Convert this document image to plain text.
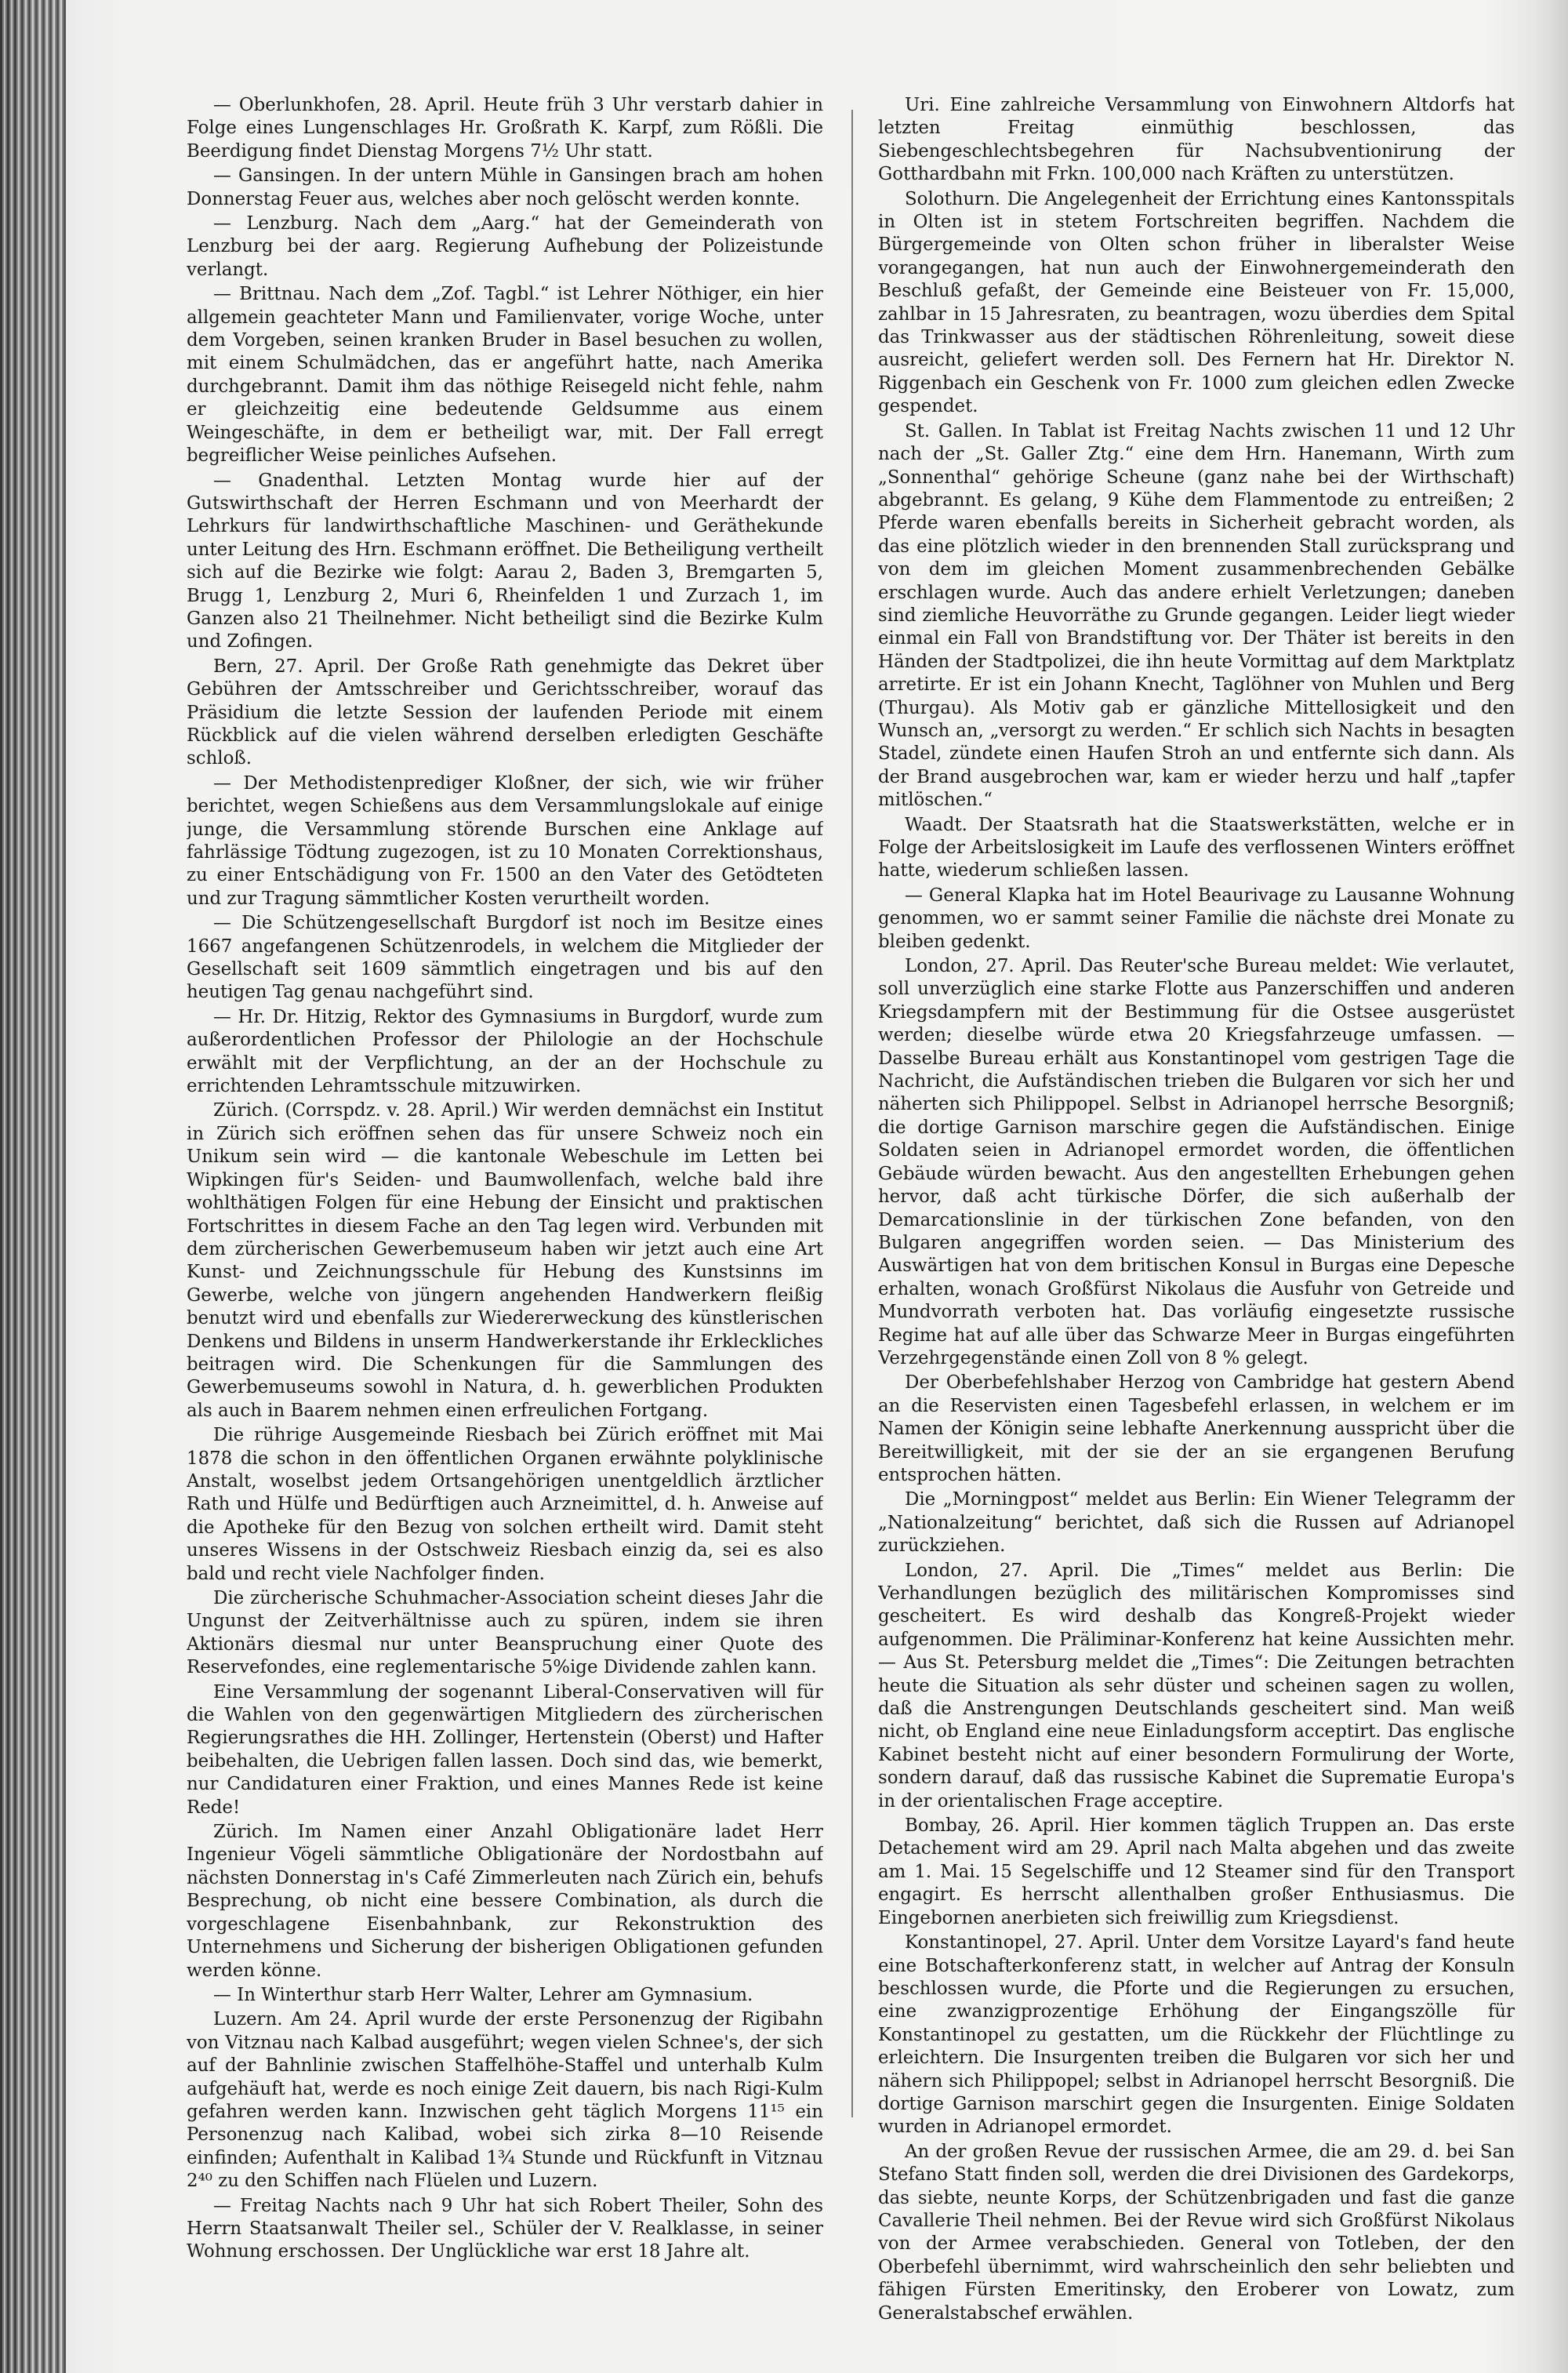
— Oberlunkhofen, 28. April. Heute früh 3 Uhr verstarb dahier in Folge eines Lungenschlages Hr. Großrath K. Karpf, zum Rößli. Die Beerdigung findet Dienstag Morgens 7½ Uhr statt.

— Gansingen. In der untern Mühle in Gansingen brach am hohen Donnerstag Feuer aus, welches aber noch gelöscht werden konnte.

— Lenzburg. Nach dem „Aarg.“ hat der Gemeinderath von Lenzburg bei der aarg. Regierung Aufhebung der Polizeistunde verlangt.

— Brittnau. Nach dem „Zof. Tagbl.“ ist Lehrer Nöthiger, ein hier allgemein geachteter Mann und Familienvater, vorige Woche, unter dem Vorgeben, seinen kranken Bruder in Basel besuchen zu wollen, mit einem Schulmädchen, das er angeführt hatte, nach Amerika durchgebrannt. Damit ihm das nöthige Reisegeld nicht fehle, nahm er gleichzeitig eine bedeutende Geldsumme aus einem Weingeschäfte, in dem er betheiligt war, mit. Der Fall erregt begreiflicher Weise peinliches Aufsehen.

— Gnadenthal. Letzten Montag wurde hier auf der Gutswirthschaft der Herren Eschmann und von Meerhardt der Lehrkurs für landwirthschaftliche Maschinen- und Geräthekunde unter Leitung des Hrn. Eschmann eröffnet. Die Betheiligung vertheilt sich auf die Bezirke wie folgt: Aarau 2, Baden 3, Bremgarten 5, Brugg 1, Lenzburg 2, Muri 6, Rheinfelden 1 und Zurzach 1, im Ganzen also 21 Theilnehmer. Nicht betheiligt sind die Bezirke Kulm und Zofingen.

Bern, 27. April. Der Große Rath genehmigte das Dekret über Gebühren der Amtsschreiber und Gerichtsschreiber, worauf das Präsidium die letzte Session der laufenden Periode mit einem Rückblick auf die vielen während derselben erledigten Geschäfte schloß.

— Der Methodistenprediger Kloßner, der sich, wie wir früher berichtet, wegen Schießens aus dem Versammlungslokale auf einige junge, die Versammlung störende Burschen eine Anklage auf fahrlässige Tödtung zugezogen, ist zu 10 Monaten Correktionshaus, zu einer Entschädigung von Fr. 1500 an den Vater des Getödteten und zur Tragung sämmtlicher Kosten verurtheilt worden.

— Die Schützengesellschaft Burgdorf ist noch im Besitze eines 1667 angefangenen Schützenrodels, in welchem die Mitglieder der Gesellschaft seit 1609 sämmtlich eingetragen und bis auf den heutigen Tag genau nachgeführt sind.

— Hr. Dr. Hitzig, Rektor des Gymnasiums in Burgdorf, wurde zum außerordentlichen Professor der Philologie an der Hochschule erwählt mit der Verpflichtung, an der an der Hochschule zu errichtenden Lehramtsschule mitzuwirken.

Zürich. (Corrspdz. v. 28. April.) Wir werden demnächst ein Institut in Zürich sich eröffnen sehen das für unsere Schweiz noch ein Unikum sein wird — die kantonale Webeschule im Letten bei Wipkingen für's Seiden- und Baumwollenfach, welche bald ihre wohlthätigen Folgen für eine Hebung der Einsicht und praktischen Fortschrittes in diesem Fache an den Tag legen wird. Verbunden mit dem zürcherischen Gewerbemuseum haben wir jetzt auch eine Art Kunst- und Zeichnungsschule für Hebung des Kunstsinns im Gewerbe, welche von jüngern angehenden Handwerkern fleißig benutzt wird und ebenfalls zur Wiedererweckung des künstlerischen Denkens und Bildens in unserm Handwerkerstande ihr Erkleckliches beitragen wird. Die Schenkungen für die Sammlungen des Gewerbemuseums sowohl in Natura, d. h. gewerblichen Produkten als auch in Baarem nehmen einen erfreulichen Fortgang.

Die rührige Ausgemeinde Riesbach bei Zürich eröffnet mit Mai 1878 die schon in den öffentlichen Organen erwähnte polyklinische Anstalt, woselbst jedem Ortsangehörigen unentgeldlich ärztlicher Rath und Hülfe und Bedürftigen auch Arzneimittel, d. h. Anweise auf die Apotheke für den Bezug von solchen ertheilt wird. Damit steht unseres Wissens in der Ostschweiz Riesbach einzig da, sei es also bald und recht viele Nachfolger finden.

Die zürcherische Schuhmacher-Association scheint dieses Jahr die Ungunst der Zeitverhältnisse auch zu spüren, indem sie ihren Aktionärs diesmal nur unter Beanspruchung einer Quote des Reservefondes, eine reglementarische 5%ige Dividende zahlen kann.

Eine Versammlung der sogenannt Liberal-Conservativen will für die Wahlen von den gegenwärtigen Mitgliedern des zürcherischen Regierungsrathes die HH. Zollinger, Hertenstein (Oberst) und Hafter beibehalten, die Uebrigen fallen lassen. Doch sind das, wie bemerkt, nur Candidaturen einer Fraktion, und eines Mannes Rede ist keine Rede!

Zürich. Im Namen einer Anzahl Obligationäre ladet Herr Ingenieur Vögeli sämmtliche Obligationäre der Nordostbahn auf nächsten Donnerstag in's Café Zimmerleuten nach Zürich ein, behufs Besprechung, ob nicht eine bessere Combination, als durch die vorgeschlagene Eisenbahnbank, zur Rekonstruktion des Unternehmens und Sicherung der bisherigen Obligationen gefunden werden könne.

— In Winterthur starb Herr Walter, Lehrer am Gymnasium.

Luzern. Am 24. April wurde der erste Personenzug der Rigibahn von Vitznau nach Kalbad ausgeführt; wegen vielen Schnee's, der sich auf der Bahnlinie zwischen Staffelhöhe-Staffel und unterhalb Kulm aufgehäuft hat, werde es noch einige Zeit dauern, bis nach Rigi-Kulm gefahren werden kann. Inzwischen geht täglich Morgens 11¹⁵ ein Personenzug nach Kalibad, wobei sich zirka 8—10 Reisende einfinden; Aufenthalt in Kalibad 1¾ Stunde und Rückfunft in Vitznau 2⁴⁰ zu den Schiffen nach Flüelen und Luzern.

— Freitag Nachts nach 9 Uhr hat sich Robert Theiler, Sohn des Herrn Staatsanwalt Theiler sel., Schüler der V. Realklasse, in seiner Wohnung erschossen. Der Unglückliche war erst 18 Jahre alt.

Uri. Eine zahlreiche Versammlung von Einwohnern Altdorfs hat letzten Freitag einmüthig beschlossen, das Siebengeschlechtsbegehren für Nachsubventionirung der Gotthardbahn mit Frkn. 100,000 nach Kräften zu unterstützen.

Solothurn. Die Angelegenheit der Errichtung eines Kantonsspitals in Olten ist in stetem Fortschreiten begriffen. Nachdem die Bürgergemeinde von Olten schon früher in liberalster Weise vorangegangen, hat nun auch der Einwohnergemeinderath den Beschluß gefaßt, der Gemeinde eine Beisteuer von Fr. 15,000, zahlbar in 15 Jahresraten, zu beantragen, wozu überdies dem Spital das Trinkwasser aus der städtischen Röhrenleitung, soweit diese ausreicht, geliefert werden soll. Des Fernern hat Hr. Direktor N. Riggenbach ein Geschenk von Fr. 1000 zum gleichen edlen Zwecke gespendet.

St. Gallen. In Tablat ist Freitag Nachts zwischen 11 und 12 Uhr nach der „St. Galler Ztg.“ eine dem Hrn. Hanemann, Wirth zum „Sonnenthal“ gehörige Scheune (ganz nahe bei der Wirthschaft) abgebrannt. Es gelang, 9 Kühe dem Flammentode zu entreißen; 2 Pferde waren ebenfalls bereits in Sicherheit gebracht worden, als das eine plötzlich wieder in den brennenden Stall zurücksprang und von dem im gleichen Moment zusammenbrechenden Gebälke erschlagen wurde. Auch das andere erhielt Verletzungen; daneben sind ziemliche Heuvorräthe zu Grunde gegangen. Leider liegt wieder einmal ein Fall von Brandstiftung vor. Der Thäter ist bereits in den Händen der Stadtpolizei, die ihn heute Vormittag auf dem Marktplatz arretirte. Er ist ein Johann Knecht, Taglöhner von Muhlen und Berg (Thurgau). Als Motiv gab er gänzliche Mittellosigkeit und den Wunsch an, „versorgt zu werden.“ Er schlich sich Nachts in besagten Stadel, zündete einen Haufen Stroh an und entfernte sich dann. Als der Brand ausgebrochen war, kam er wieder herzu und half „tapfer mitlöschen.“

Waadt. Der Staatsrath hat die Staatswerkstätten, welche er in Folge der Arbeitslosigkeit im Laufe des verflossenen Winters eröffnet hatte, wiederum schließen lassen.

— General Klapka hat im Hotel Beaurivage zu Lausanne Wohnung genommen, wo er sammt seiner Familie die nächste drei Monate zu bleiben gedenkt.

London, 27. April. Das Reuter'sche Bureau meldet: Wie verlautet, soll unverzüglich eine starke Flotte aus Panzerschiffen und anderen Kriegsdampfern mit der Bestimmung für die Ostsee ausgerüstet werden; dieselbe würde etwa 20 Kriegsfahrzeuge umfassen. — Dasselbe Bureau erhält aus Konstantinopel vom gestrigen Tage die Nachricht, die Aufständischen trieben die Bulgaren vor sich her und näherten sich Philippopel. Selbst in Adrianopel herrsche Besorgniß; die dortige Garnison marschire gegen die Aufständischen. Einige Soldaten seien in Adrianopel ermordet worden, die öffentlichen Gebäude würden bewacht. Aus den angestellten Erhebungen gehen hervor, daß acht türkische Dörfer, die sich außerhalb der Demarcationslinie in der türkischen Zone befanden, von den Bulgaren angegriffen worden seien. — Das Ministerium des Auswärtigen hat von dem britischen Konsul in Burgas eine Depesche erhalten, wonach Großfürst Nikolaus die Ausfuhr von Getreide und Mundvorrath verboten hat. Das vorläufig eingesetzte russische Regime hat auf alle über das Schwarze Meer in Burgas eingeführten Verzehrgegenstände einen Zoll von 8 % gelegt.

Der Oberbefehlshaber Herzog von Cambridge hat gestern Abend an die Reservisten einen Tagesbefehl erlassen, in welchem er im Namen der Königin seine lebhafte Anerkennung ausspricht über die Bereitwilligkeit, mit der sie der an sie ergangenen Berufung entsprochen hätten.

Die „Morningpost“ meldet aus Berlin: Ein Wiener Telegramm der „Nationalzeitung“ berichtet, daß sich die Russen auf Adrianopel zurückziehen.

London, 27. April. Die „Times“ meldet aus Berlin: Die Verhandlungen bezüglich des militärischen Kompromisses sind gescheitert. Es wird deshalb das Kongreß-Projekt wieder aufgenommen. Die Präliminar-Konferenz hat keine Aussichten mehr. — Aus St. Petersburg meldet die „Times“: Die Zeitungen betrachten heute die Situation als sehr düster und scheinen sagen zu wollen, daß die Anstrengungen Deutschlands gescheitert sind. Man weiß nicht, ob England eine neue Einladungsform acceptirt. Das englische Kabinet besteht nicht auf einer besondern Formulirung der Worte, sondern darauf, daß das russische Kabinet die Suprematie Europa's in der orientalischen Frage acceptire.

Bombay, 26. April. Hier kommen täglich Truppen an. Das erste Detachement wird am 29. April nach Malta abgehen und das zweite am 1. Mai. 15 Segelschiffe und 12 Steamer sind für den Transport engagirt. Es herrscht allenthalben großer Enthusiasmus. Die Eingebornen anerbieten sich freiwillig zum Kriegsdienst.

Konstantinopel, 27. April. Unter dem Vorsitze Layard's fand heute eine Botschafterkonferenz statt, in welcher auf Antrag der Konsuln beschlossen wurde, die Pforte und die Regierungen zu ersuchen, eine zwanzigprozentige Erhöhung der Eingangszölle für Konstantinopel zu gestatten, um die Rückkehr der Flüchtlinge zu erleichtern. Die Insurgenten treiben die Bulgaren vor sich her und nähern sich Philippopel; selbst in Adrianopel herrscht Besorgniß. Die dortige Garnison marschirt gegen die Insurgenten. Einige Soldaten wurden in Adrianopel ermordet.

An der großen Revue der russischen Armee, die am 29. d. bei San Stefano Statt finden soll, werden die drei Divisionen des Gardekorps, das siebte, neunte Korps, der Schützenbrigaden und fast die ganze Cavallerie Theil nehmen. Bei der Revue wird sich Großfürst Nikolaus von der Armee verabschieden. General von Totleben, der den Oberbefehl übernimmt, wird wahrscheinlich den sehr beliebten und fähigen Fürsten Emeritinsky, den Eroberer von Lowatz, zum Generalstabschef erwählen.
